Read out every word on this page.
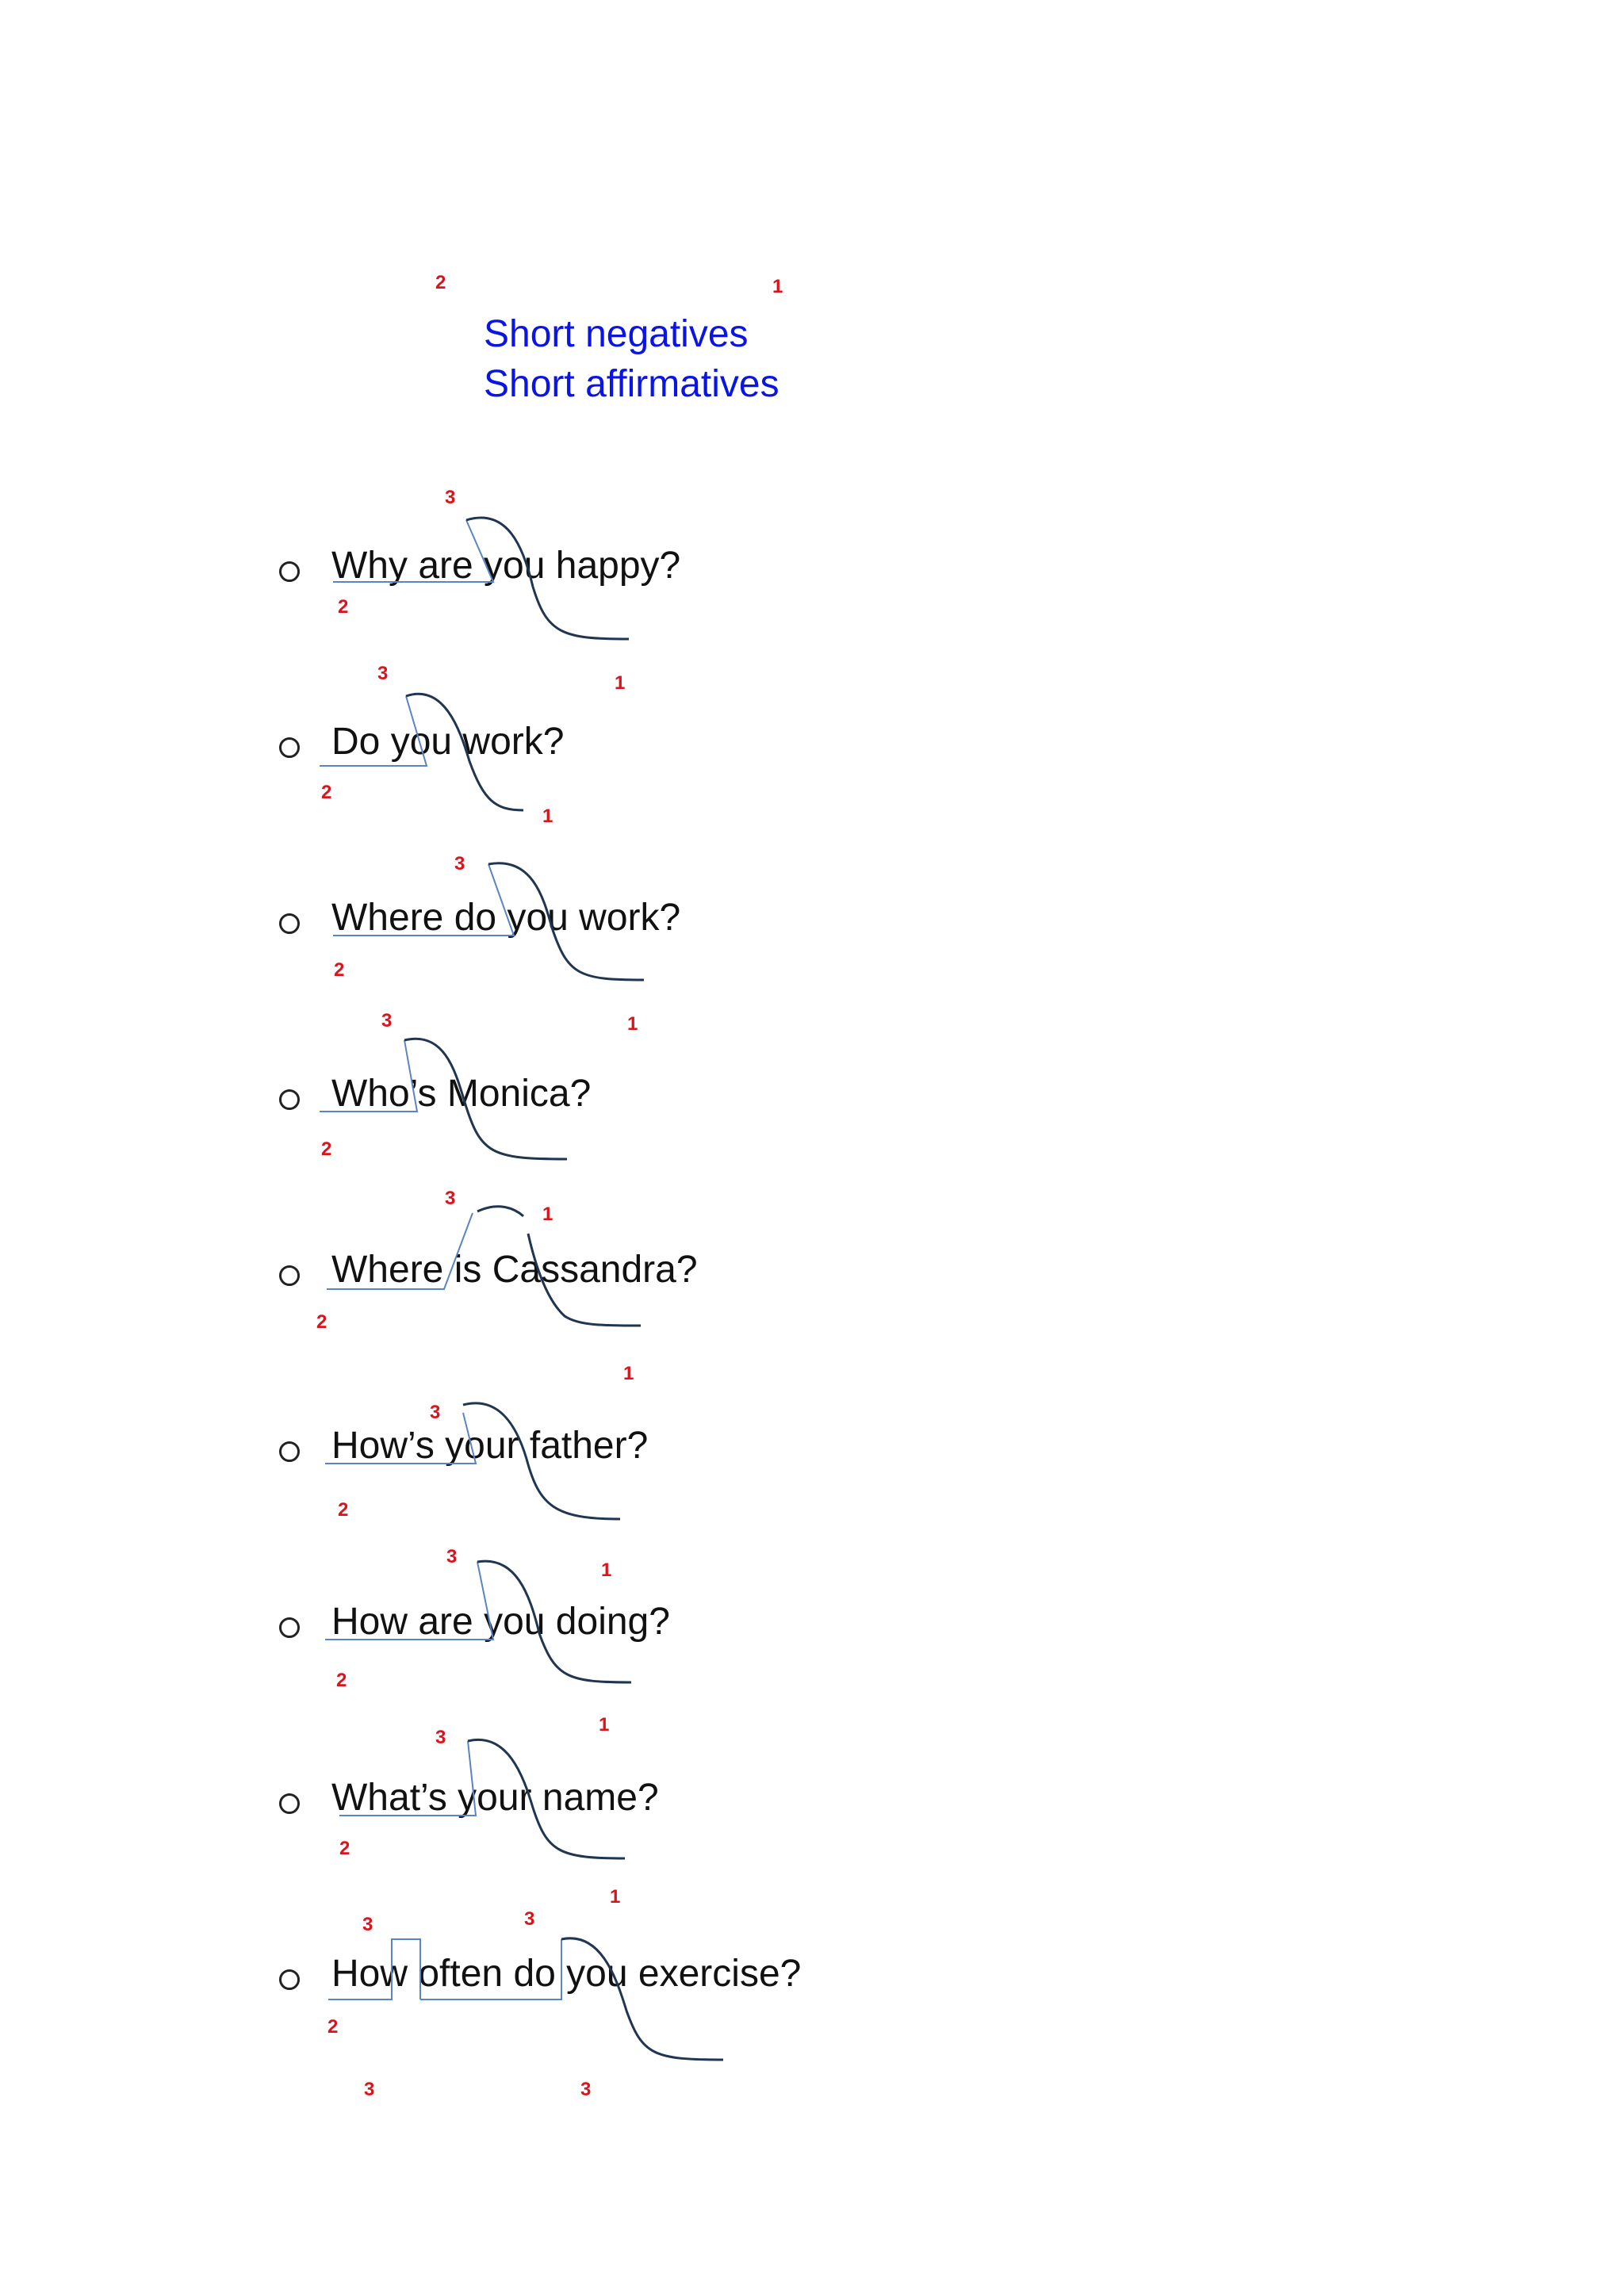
2	1
Short negatives
Short affirmatives
Why are you happy?
3
2
1
Do you work?
3
2
1
Where do you work?
3
2
1
Who’s Monica?
3
2
Where is Cassandra?
3
1
2
How’s your father?
1
3
2
How are you doing?
3
1
2
What’s your name?
3
1
2
How often do you exercise?
1
3	3
2
3	3
